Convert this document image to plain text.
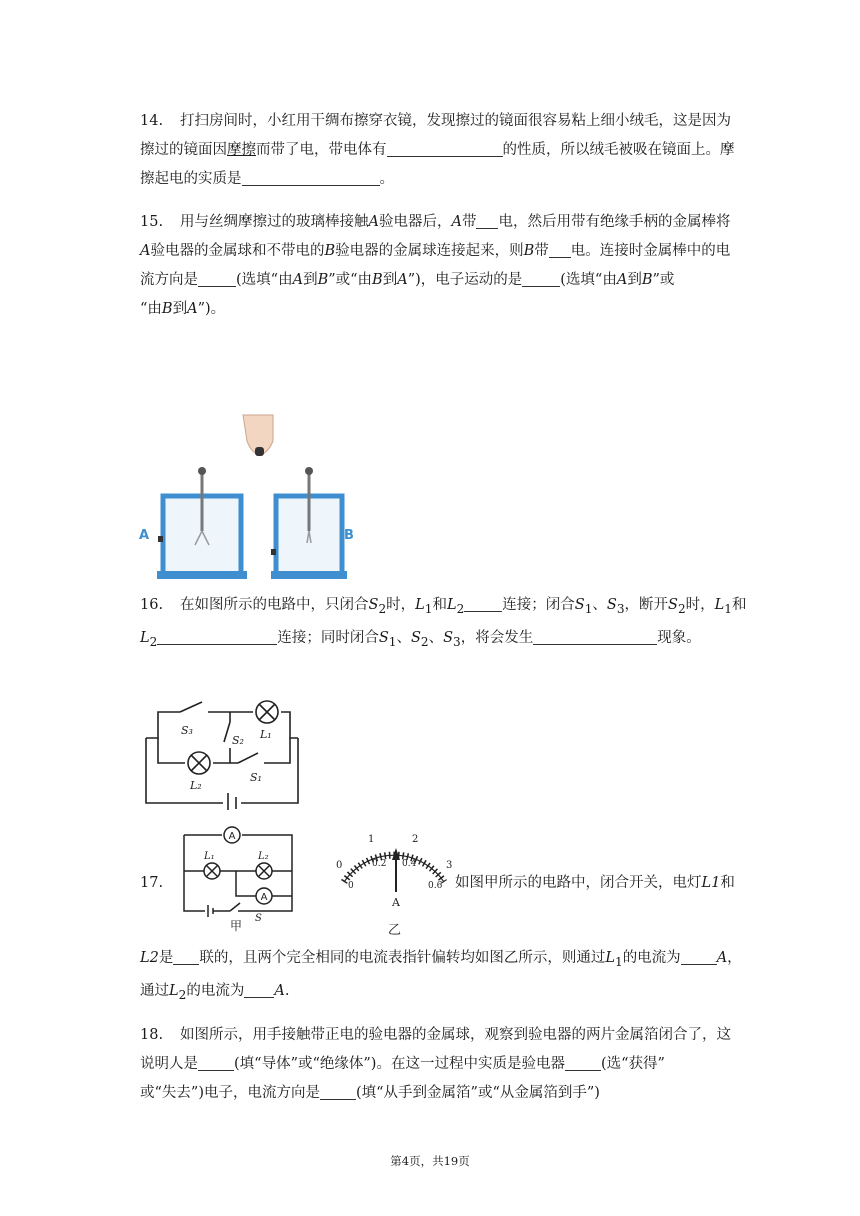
14. 打扫房间时，小红用干绸布擦穿衣镜，发现擦过的镜面很容易粘上细小绒毛，这是因为

擦过的镜面因摩擦而带了电，带电体有	的性质，所以绒毛被吸在镜面上。摩

擦起电的实质是	。

15. 用与丝绸摩擦过的玻璃棒接触A验电器后，A带 电，然后用带有绝缘手柄的金属棒将

A验电器的金属球和不带电的B验电器的金属球连接起来，则B带 电。连接时金属棒中的电

流方向是	(选填“由A到B”或“由B到A”)，电子运动的是	(选填“由A到B”或

“由B到A”)。

A	B

16. 在如图所示的电路中，只闭合$S_2$时，$L_1$和$L_2$	连接；闭合$S_1$、$S_3$，断开$S_2$时，$L_1$和

$L_2$	连接；同时闭合$S_1$、$S_2$、$S_3$，将会发生	现象。

S₃
S₂ L₁
L₂
S₁

17.

A
A
L₁	L₂
S
甲
0
1	2
3
0
0.2 0.4
0.6
A
乙

如图甲所示的电路中，闭合开关，电灯L1和

L2是 联的，且两个完全相同的电流表指针偏转均如图乙所示，则通过$L_1$的电流为 A，

通过$L_2$的电流为 A.

18. 如图所示，用手接触带正电的验电器的金属球，观察到验电器的两片金属箔闭合了，这

说明人是 (填“导体”或“绝缘体”)。在这一过程中实质是验电器 (选“获得”

或“失去”)电子，电流方向是 (填“从手到金属箔”或“从金属箔到手”)

第4页，共19页
